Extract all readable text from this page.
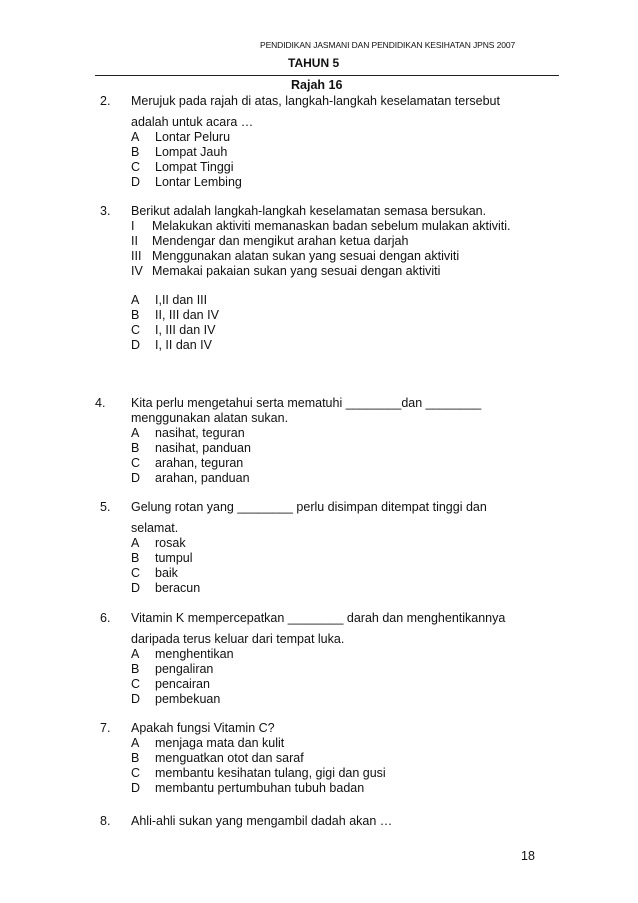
PENDIDIKAN JASMANI DAN PENDIDIKAN KESIHATAN JPNS 2007
TAHUN 5
Rajah 16
2. Merujuk pada rajah di atas, langkah-langkah keselamatan tersebut
adalah untuk acara …
A Lontar Peluru
B Lompat Jauh
C Lompat Tinggi
D Lontar Lembing
3. Berikut adalah langkah-langkah keselamatan semasa bersukan.
I Melakukan aktiviti memanaskan badan sebelum mulakan aktiviti.
II Mendengar dan mengikut arahan ketua darjah
III Menggunakan alatan sukan yang sesuai dengan aktiviti
IV Memakai pakaian sukan yang sesuai dengan aktiviti
A I,II dan III
B II, III dan IV
C I, III dan IV
D I, II dan IV
4. Kita perlu mengetahui serta mematuhi ________dan ________
menggunakan alatan sukan.
A nasihat, teguran
B nasihat, panduan
C arahan, teguran
D arahan, panduan
5. Gelung rotan yang ________ perlu disimpan ditempat tinggi dan
selamat.
A rosak
B tumpul
C baik
D beracun
6. Vitamin K mempercepatkan ________ darah dan menghentikannya
daripada terus keluar dari tempat luka.
A menghentikan
B pengaliran
C pencairan
D pembekuan
7. Apakah fungsi Vitamin C?
A menjaga mata dan kulit
B menguatkan otot dan saraf
C membantu kesihatan tulang, gigi dan gusi
D membantu pertumbuhan tubuh badan
8. Ahli-ahli sukan yang mengambil dadah akan …
18
